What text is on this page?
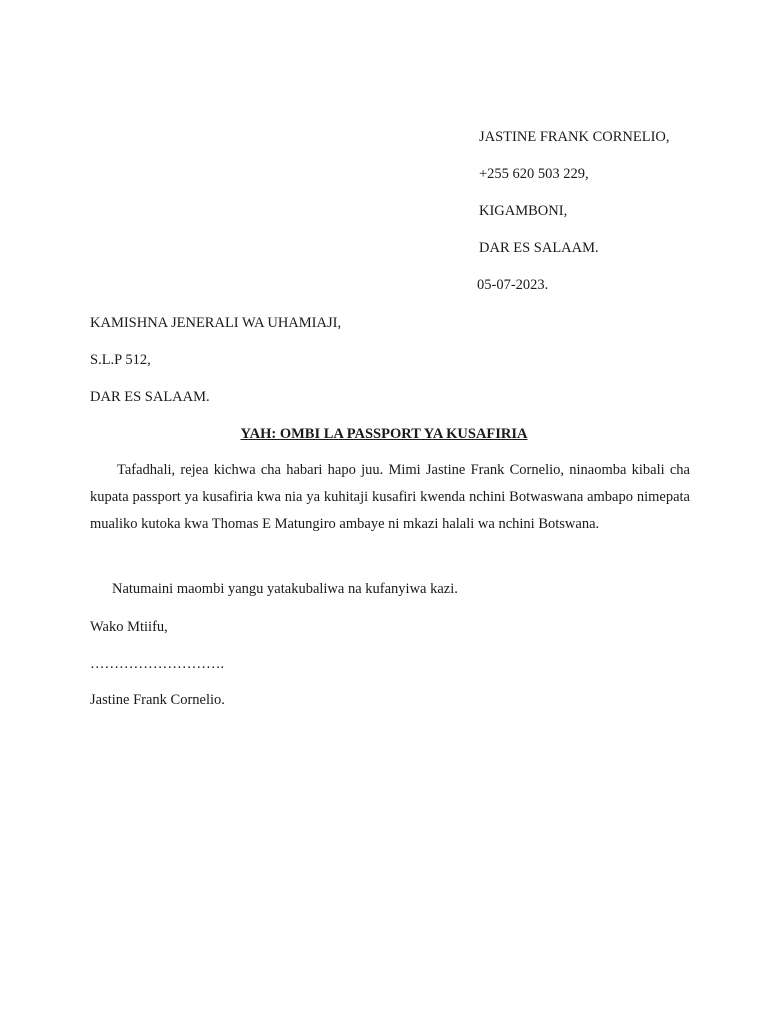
JASTINE FRANK CORNELIO,
+255 620 503 229,
KIGAMBONI,
DAR ES SALAAM.
05-07-2023.
KAMISHNA JENERALI WA UHAMIAJI,
S.L.P 512,
DAR ES SALAAM.
YAH: OMBI LA PASSPORT YA KUSAFIRIA
Tafadhali, rejea kichwa cha habari hapo juu. Mimi Jastine Frank Cornelio, ninaomba kibali cha kupata passport ya kusafiria kwa nia ya kuhitaji kusafiri kwenda nchini Botwaswana ambapo nimepata mualiko kutoka kwa Thomas E Matungiro ambaye ni mkazi halali wa nchini Botswana.
Natumaini maombi yangu yatakubaliwa na kufanyiwa kazi.
Wako Mtiifu,
……………………….
Jastine Frank Cornelio.
